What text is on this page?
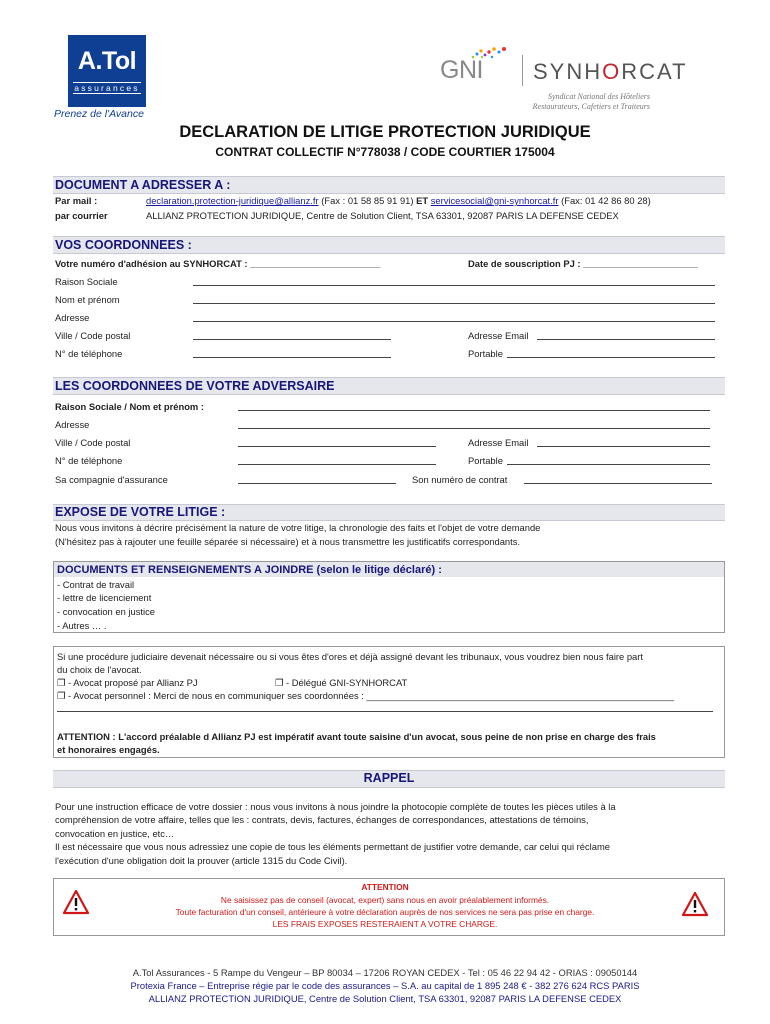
A.Tol
assurances
Prenez de l'Avance
GNI SYNHORCAT
Syndicat National des Hôteliers
Restaurateurs, Cafetiers et Traiteurs
DECLARATION DE LITIGE PROTECTION JURIDIQUE
CONTRAT COLLECTIF N°778038 / CODE COURTIER 175004
DOCUMENT A ADRESSER A :
Par mail :	declaration.protection-juridique@allianz.fr (Fax : 01 58 85 91 91) ET servicesocial@gni-synhorcat.fr (Fax: 01 42 86 80 28)
par courrier	ALLIANZ PROTECTION JURIDIQUE, Centre de Solution Client, TSA 63301, 92087 PARIS LA DEFENSE CEDEX
VOS COORDONNEES :
Votre numéro d'adhésion au SYNHORCAT : _________________________	Date de souscription PJ : ______________________
Raison Sociale
Nom et prénom
Adresse
Ville / Code postal	Adresse Email
N° de téléphone	Portable
LES COORDONNEES DE VOTRE ADVERSAIRE
Raison Sociale / Nom et prénom :
Adresse
Ville / Code postal	Adresse Email
N° de téléphone	Portable
Sa compagnie d'assurance	Son numéro de contrat
EXPOSE DE VOTRE LITIGE :
Nous vous invitons à décrire précisément la nature de votre litige, la chronologie des faits et l'objet de votre demande
(N'hésitez pas à rajouter une feuille séparée si nécessaire) et à nous transmettre les justificatifs correspondants.
DOCUMENTS ET RENSEIGNEMENTS A JOINDRE (selon le litige déclaré) :
- Contrat de travail
- lettre de licenciement
- convocation en justice
- Autres … .
Si une procédure judiciaire devenait nécessaire ou si vous êtes d'ores et déjà assigné devant les tribunaux, vous voudrez bien nous faire part
du choix de l'avocat.
❐ - Avocat proposé par Allianz PJ	❐ - Délégué GNI-SYNHORCAT
❐ - Avocat personnel : Merci de nous en communiquer ses coordonnées : ___________________________________________________________
ATTENTION : L'accord préalable d Allianz PJ est impératif avant toute saisine d'un avocat, sous peine de non prise en charge des frais
et honoraires engagés.
RAPPEL
Pour une instruction efficace de votre dossier : nous vous invitons à nous joindre la photocopie complète de toutes les pièces utiles à la
compréhension de votre affaire, telles que les : contrats, devis, factures, échanges de correspondances, attestations de témoins,
convocation en justice, etc…
Il est nécessaire que vous nous adressiez une copie de tous les éléments permettant de justifier votre demande, car celui qui réclame
l'exécution d'une obligation doit la prouver (article 1315 du Code Civil).
ATTENTION
Ne saisissez pas de conseil (avocat, expert) sans nous en avoir préalablement informés.
Toute facturation d'un conseil, antérieure à votre déclaration auprès de nos services ne sera pas prise en charge.
LES FRAIS EXPOSES RESTERAIENT A VOTRE CHARGE.
A.Tol Assurances - 5 Rampe du Vengeur – BP 80034 – 17206 ROYAN CEDEX - Tel : 05 46 22 94 42 - ORIAS : 09050144
Protexia France – Entreprise régie par le code des assurances – S.A. au capital de 1 895 248 € - 382 276 624 RCS PARIS
ALLIANZ PROTECTION JURIDIQUE, Centre de Solution Client, TSA 63301, 92087 PARIS LA DEFENSE CEDEX
